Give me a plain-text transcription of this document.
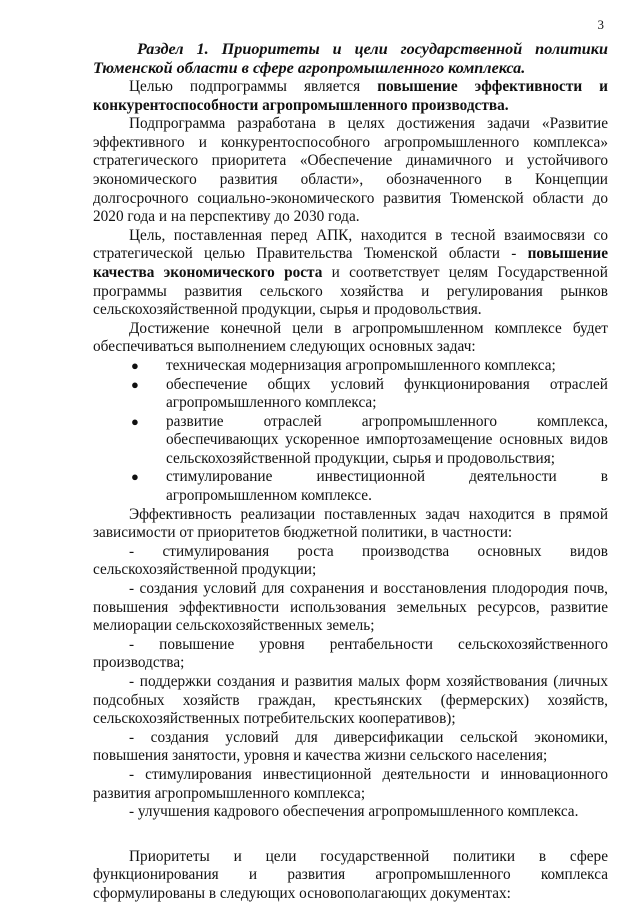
3

Раздел 1. Приоритеты и цели государственной политики Тюменской области в сфере агропромышленного комплекса.

Целью подпрограммы является повышение эффективности и конкурентоспособности агропромышленного производства.

Подпрограмма разработана в целях достижения задачи «Развитие эффективного и конкурентоспособного агропромышленного комплекса» стратегического приоритета «Обеспечение динамичного и устойчивого экономического развития области», обозначенного в Концепции долгосрочного социально-экономического развития Тюменской области до 2020 года и на перспективу до 2030 года.

Цель, поставленная перед АПК, находится в тесной взаимосвязи со стратегической целью Правительства Тюменской области - повышение качества экономического роста и соответствует целям Государственной программы развития сельского хозяйства и регулирования рынков сельскохозяйственной продукции, сырья и продовольствия.

Достижение конечной цели в агропромышленном комплексе будет обеспечиваться выполнением следующих основных задач:

● техническая модернизация агропромышленного комплекса;
● обеспечение общих условий функционирования отраслей агропромышленного комплекса;
● развитие отраслей агропромышленного комплекса, обеспечивающих ускоренное импортозамещение основных видов сельскохозяйственной продукции, сырья и продовольствия;
● стимулирование инвестиционной деятельности в агропромышленном комплексе.

Эффективность реализации поставленных задач находится в прямой зависимости от приоритетов бюджетной политики, в частности:

- стимулирования роста производства основных видов сельскохозяйственной продукции;

- создания условий для сохранения и восстановления плодородия почв, повышения эффективности использования земельных ресурсов, развитие мелиорации сельскохозяйственных земель;

- повышение уровня рентабельности сельскохозяйственного производства;

- поддержки создания и развития малых форм хозяйствования (личных подсобных хозяйств граждан, крестьянских (фермерских) хозяйств, сельскохозяйственных потребительских кооперативов);

- создания условий для диверсификации сельской экономики, повышения занятости, уровня и качества жизни сельского населения;

- стимулирования инвестиционной деятельности и инновационного развития агропромышленного комплекса;

- улучшения кадрового обеспечения агропромышленного комплекса.

Приоритеты и цели государственной политики в сфере функционирования и развития агропромышленного комплекса сформулированы в следующих основополагающих документах:
